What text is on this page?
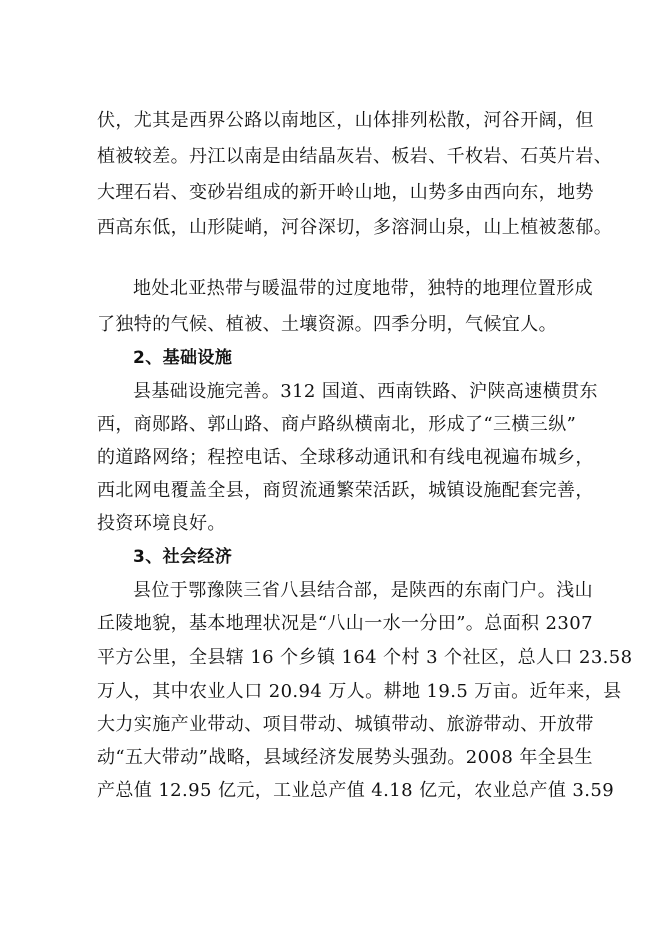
伏，尤其是西界公路以南地区，山体排列松散，河谷开阔，但
植被较差。丹江以南是由结晶灰岩、板岩、千枚岩、石英片岩、
大理石岩、变砂岩组成的新开岭山地，山势多由西向东，地势
西高东低，山形陡峭，河谷深切，多溶洞山泉，山上植被葱郁。
地处北亚热带与暖温带的过度地带，独特的地理位置形成
了独特的气候、植被、土壤资源。四季分明，气候宜人。
2、基础设施
县基础设施完善。312 国道、西南铁路、沪陕高速横贯东
西，商郧路、郭山路、商卢路纵横南北，形成了“三横三纵”
的道路网络；程控电话、全球移动通讯和有线电视遍布城乡，
西北网电覆盖全县，商贸流通繁荣活跃，城镇设施配套完善，
投资环境良好。
3、社会经济
县位于鄂豫陕三省八县结合部，是陕西的东南门户。浅山
丘陵地貌，基本地理状况是“八山一水一分田”。总面积 2307
平方公里，全县辖 16 个乡镇 164 个村 3 个社区，总人口 23.58
万人，其中农业人口 20.94 万人。耕地 19.5 万亩。近年来，县
大力实施产业带动、项目带动、城镇带动、旅游带动、开放带
动“五大带动”战略，县域经济发展势头强劲。2008 年全县生
产总值 12.95 亿元，工业总产值 4.18 亿元，农业总产值 3.59
